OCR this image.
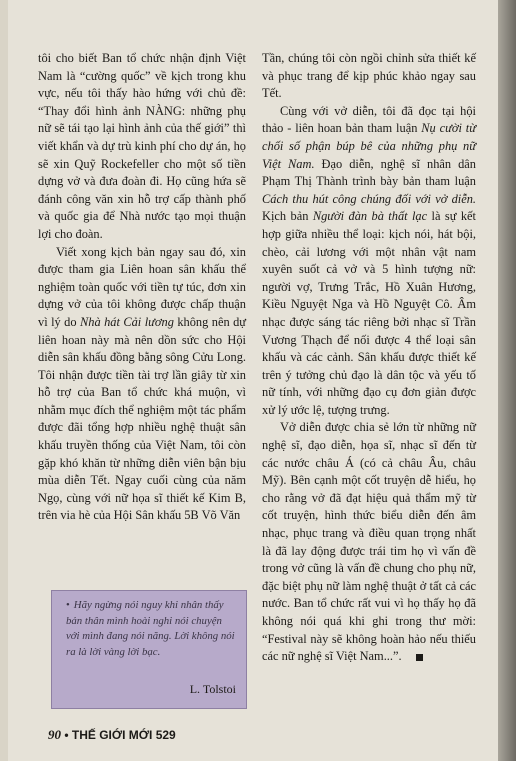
tôi cho biết Ban tổ chức nhận định Việt Nam là “cường quốc” về kịch trong khu vực, nếu tôi thấy hào hứng với chủ đề: “Thay đổi hình ảnh NÀNG: những phụ nữ sẽ tái tạo lại hình ảnh của thế giới” thì viết khẩn và dự trù kinh phí cho dự án, họ sẽ xin Quỹ Rockefeller cho một số tiền dựng vở và đưa đoàn đi. Họ cũng hứa sẽ đánh công văn xin hỗ trợ cấp thành phố và quốc gia để Nhà nước tạo mọi thuận lợi cho đoàn.

Viết xong kịch bản ngay sau đó, xin được tham gia Liên hoan sân khấu thể nghiệm toàn quốc với tiền tự túc, đơn xin dựng vở của tôi không được chấp thuận vì lý do Nhà hát Cải lương không nên dự liên hoan này mà nên dồn sức cho Hội diễn sân khấu đồng bằng sông Cửu Long. Tôi nhận được tiền tài trợ lần giây từ xin hỗ trợ của Ban tổ chức khá muộn, vì nhằm mục đích thể nghiệm một tác phẩm được đãi tổng hợp nhiều nghệ thuật sân khấu truyền thống của Việt Nam, tôi còn gặp khó khăn từ những diễn viên bận bịu mùa diễn Tết. Ngay cuối cùng của năm Ngọ, cùng với nữ họa sĩ thiết kế Kim B, trên via hè của Hội Sân khấu 5B Võ Văn

Tần, chúng tôi còn ngồi chỉnh sửa thiết kế và phục trang để kịp phúc khảo ngay sau Tết.

Cùng với vở diễn, tôi đã đọc tại hội thảo - liên hoan bản tham luận Nụ cười từ chối số phận búp bê của những phụ nữ Việt Nam. Đạo diễn, nghệ sĩ nhân dân Phạm Thị Thành trình bày bản tham luận Cách thu hút công chúng đối với vở diễn. Kịch bản Người đàn bà thất lạc là sự kết hợp giữa nhiều thể loại: kịch nói, hát bội, chèo, cải lương với một nhân vật nam xuyên suốt cả vở và 5 hình tượng nữ: người vợ, Trưng Trắc, Hồ Xuân Hương, Kiều Nguyệt Nga và Hồ Nguyệt Cô. Âm nhạc được sáng tác riêng bởi nhạc sĩ Trần Vương Thạch để nối được 4 thể loại sân khấu và các cảnh. Sân khấu được thiết kế trên ý tưởng chủ đạo là dân tộc và yếu tố nữ tính, với những đạo cụ đơn giản được xử lý ước lệ, tượng trưng.

Vở diễn được chia sẻ lớn từ những nữ nghệ sĩ, đạo diễn, họa sĩ, nhạc sĩ đến từ các nước châu Á (có cả châu Âu, châu Mỹ). Bên cạnh một cốt truyện dễ hiểu, họ cho rằng vở đã đạt hiệu quả thẩm mỹ từ cốt truyện, hình thức biểu diễn đến âm nhạc, phục trang và điều quan trọng nhất là đã lay động được trái tim họ vì vấn đề trong vở cũng là vấn đề chung cho phụ nữ, đặc biệt phụ nữ làm nghệ thuật ở tất cả các nước. Ban tổ chức rất vui vì họ thấy họ đã không nói quá khi ghi trong thư mời: “Festival này sẽ không hoàn hảo nếu thiếu các nữ nghệ sĩ Việt Nam...”.

• Hãy ngừng nói nguy khi nhân thấy bản thân mình hoài nghi nói chuyện với mình đang nói năng. Lời không nói ra là lời vàng lời bạc.
L. Tolstoi
90 • THẾ GIỚI MỚI 529
